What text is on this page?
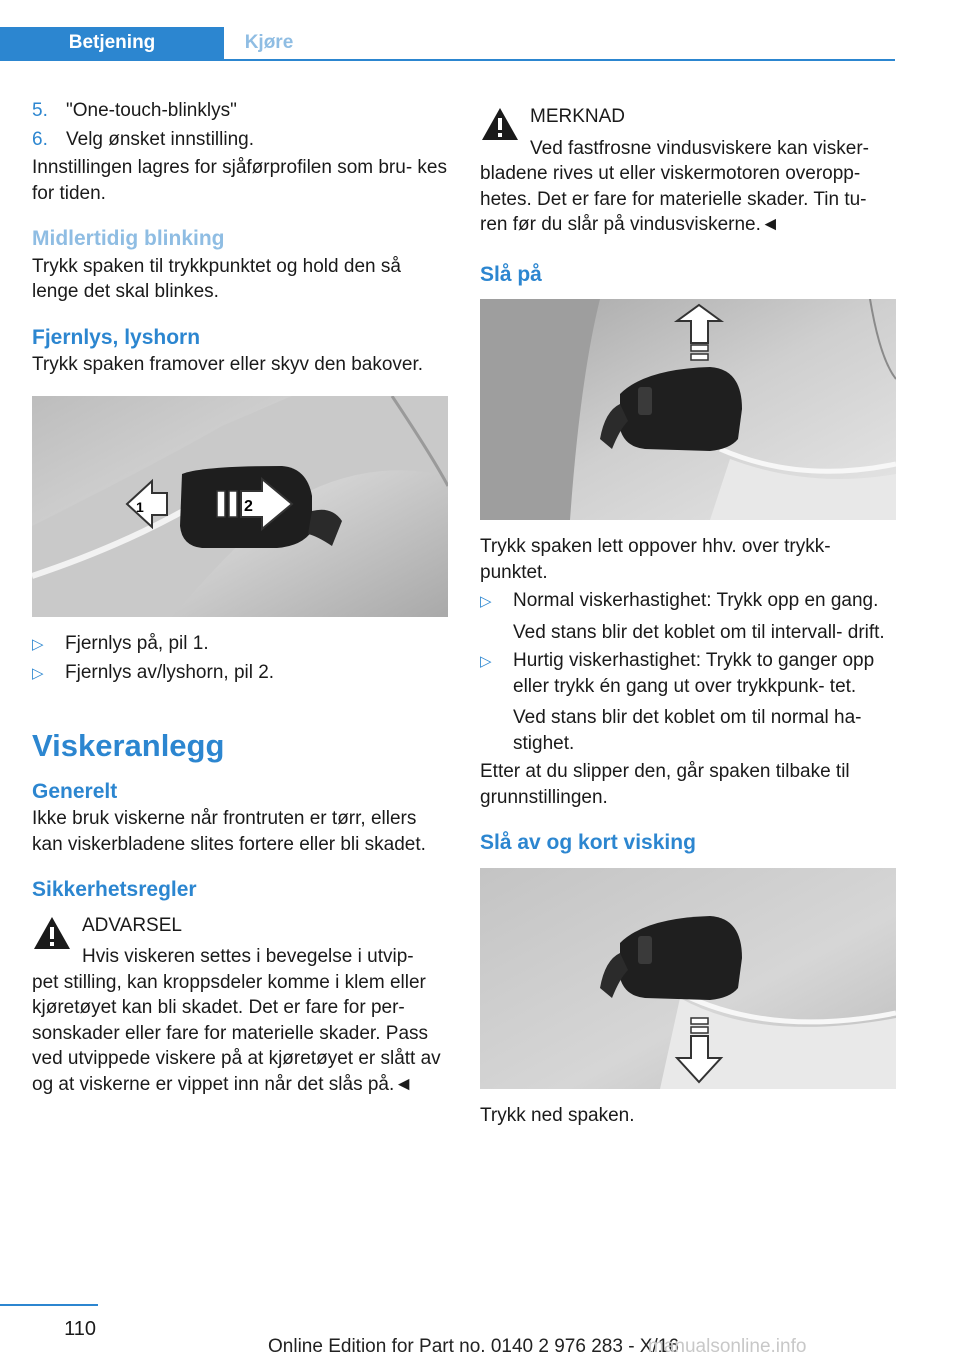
Betjening	Kjøre
5. "One-touch-blinklys"
6. Velg ønsket innstilling.

Innstillingen lagres for sjåførprofilen som bru‐ kes for tiden.

Midlertidig blinking

Trykk spaken til trykkpunktet og hold den så lenge det skal blinkes.

Fjernlys, lyshorn

Trykk spaken framover eller skyv den bakover.

1	2
▷	Fjernlys på, pil 1.
▷	Fjernlys av/lyshorn, pil 2.
Viskeranlegg
Generelt

Ikke bruk viskerne når frontruten er tørr, ellers kan viskerbladene slites fortere eller bli skadet.

Sikkerhetsregler

ADVARSEL

Hvis viskeren settes i bevegelse i utvip‐

pet stilling, kan kroppsdeler komme i klem eller kjøretøyet kan bli skadet. Det er fare for per‐ sonskader eller fare for materielle skader. Pass ved utvippede viskere på at kjøretøyet er slått av og at viskerne er vippet inn når det slås på.◄

MERKNAD

Ved fastfrosne vindusviskere kan visker‐

bladene rives ut eller viskermotoren overopp‐ hetes. Det er fare for materielle skader. Tin tu‐ ren før du slår på vindusviskerne.◄

Slå på

Trykk spaken lett oppover hhv. over trykk‐ punktet.

▷	Normal viskerhastighet: Trykk opp en gang.

Ved stans blir det koblet om til intervall‐ drift.

▷	Hurtig viskerhastighet: Trykk to ganger opp eller trykk én gang ut over trykkpunk‐ tet.

Ved stans blir det koblet om til normal ha‐ stighet.

Etter at du slipper den, går spaken tilbake til grunnstillingen.

Slå av og kort visking

Trykk ned spaken.

110
Online Edition for Part no. 0140 2 976 283 - X/16
manualsonline.info
